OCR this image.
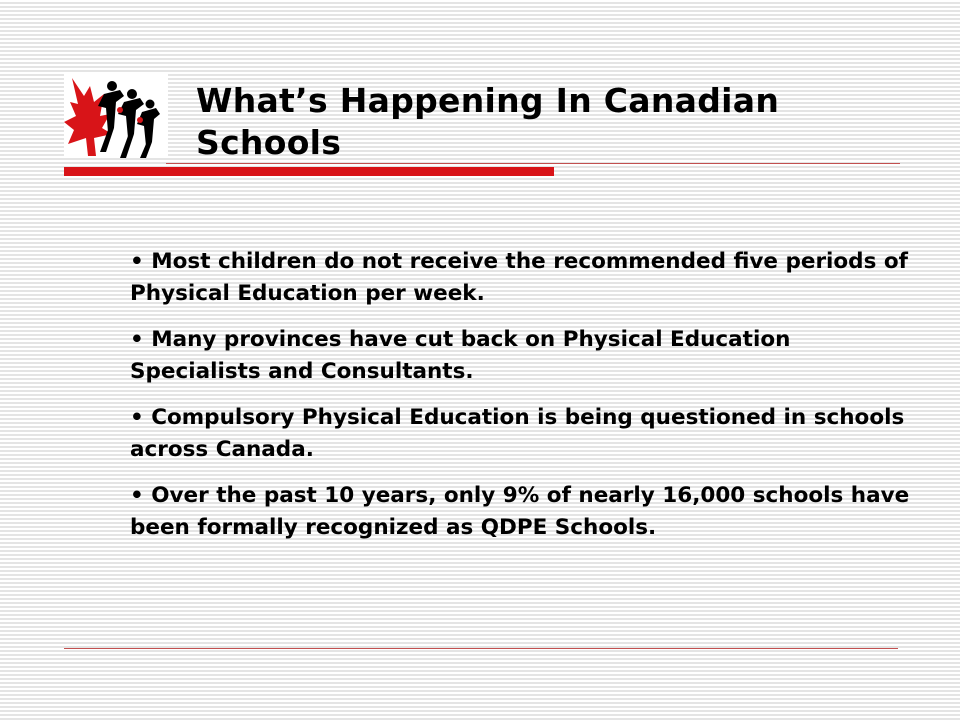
What’s Happening In Canadian Schools
• Most children do not receive the recommended five periods of Physical Education per week.
• Many provinces have cut back on Physical Education Specialists and Consultants.
• Compulsory Physical Education is being questioned in schools across Canada.
• Over the past 10 years, only 9% of nearly 16,000 schools have been formally recognized as QDPE Schools.
